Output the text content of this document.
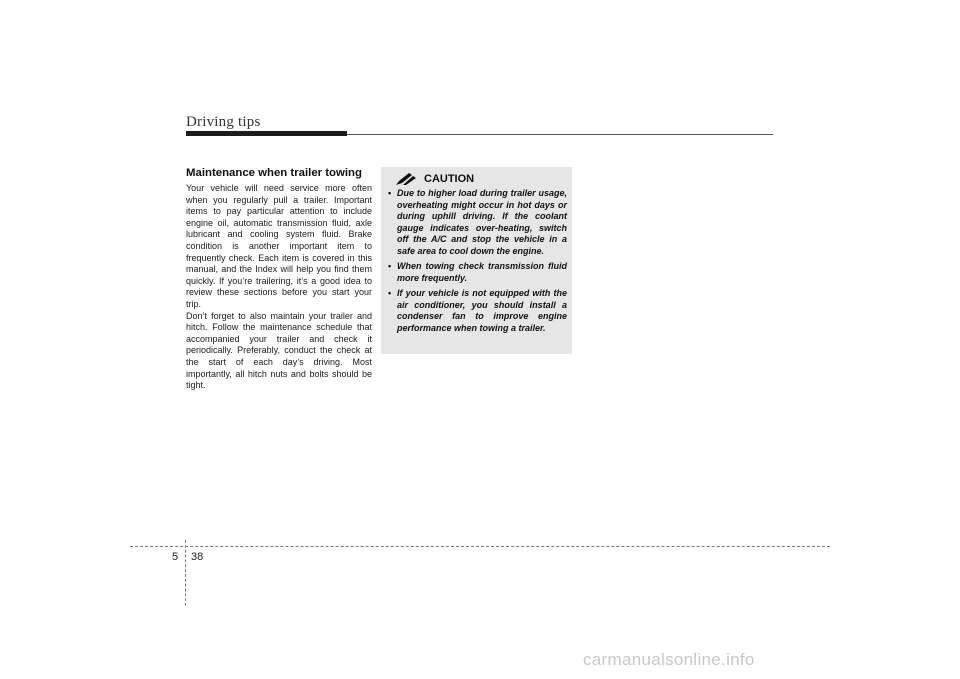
Driving tips
Maintenance when trailer towing

Your vehicle will need service more often when you regularly pull a trailer. Important items to pay particular attention to include engine oil, automatic transmission fluid, axle lubricant and cooling system fluid. Brake condition is another important item to frequently check. Each item is covered in this manual, and the Index will help you find them quickly. If you’re trailering, it’s a good idea to review these sections before you start your trip.

Don’t forget to also maintain your trailer and hitch. Follow the maintenance schedule that accompanied your trailer and check it periodically. Preferably, conduct the check at the start of each day’s driving. Most importantly, all hitch nuts and bolts should be tight.

CAUTION
• Due to higher load during trailer usage, overheating might occur in hot days or during uphill driving. If the coolant gauge indicates over-heating, switch off the A/C and stop the vehicle in a safe area to cool down the engine.
• When towing check transmission fluid more frequently.
• If your vehicle is not equipped with the air conditioner, you should install a condenser fan to improve engine performance when towing a trailer.
5 38
carmanualsonline.info
